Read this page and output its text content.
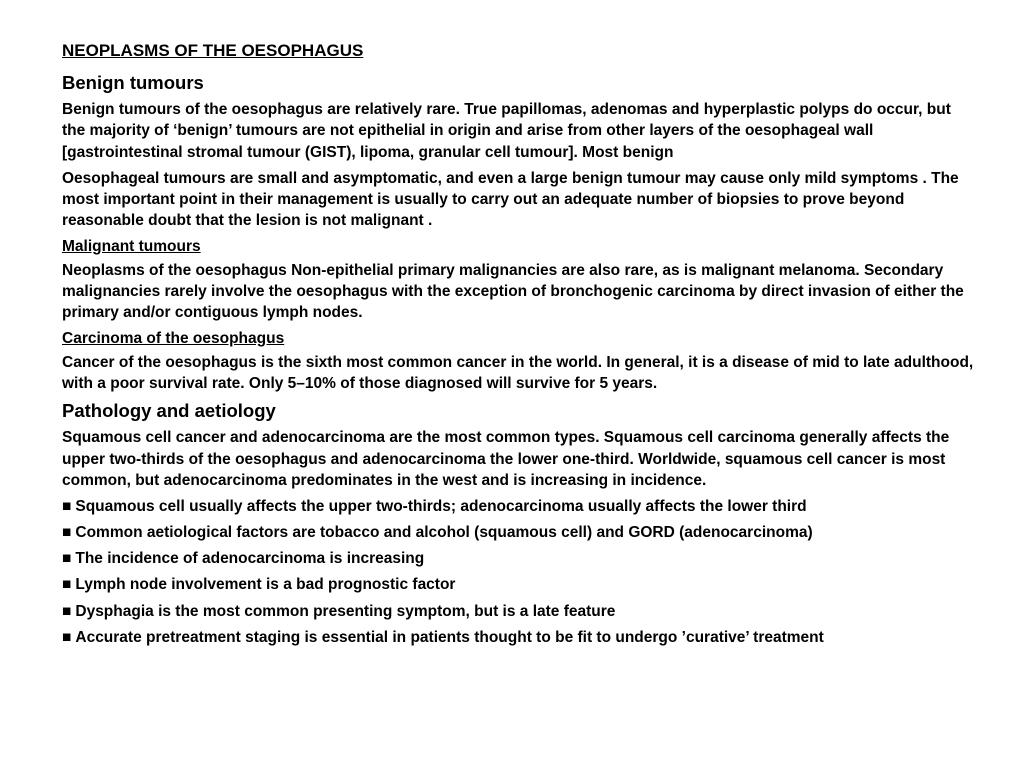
NEOPLASMS OF THE OESOPHAGUS
Benign tumours

Benign tumours of the oesophagus are relatively rare. True papillomas, adenomas and hyperplastic polyps do occur, but the majority of ‘benign’ tumours are not epithelial in origin and arise from other layers of the oesophageal wall [gastrointestinal stromal tumour (GIST), lipoma, granular cell tumour]. Most benign

Oesophageal tumours are small and asymptomatic, and even a large benign tumour may cause only mild symptoms . The most important point in their management is usually to carry out an adequate number of biopsies to prove beyond reasonable doubt that the lesion is not malignant .

Malignant tumours

Neoplasms of the oesophagus Non-epithelial primary malignancies are also rare, as is malignant melanoma. Secondary malignancies rarely involve the oesophagus with the exception of bronchogenic carcinoma by direct invasion of either the primary and/or contiguous lymph nodes.

Carcinoma of the oesophagus

Cancer of the oesophagus is the sixth most common cancer in the world. In general, it is a disease of mid to late adulthood, with a poor survival rate. Only 5–10% of those diagnosed will survive for 5 years.

Pathology and aetiology

Squamous cell cancer and adenocarcinoma are the most common types. Squamous cell carcinoma generally affects the upper two-thirds of the oesophagus and adenocarcinoma the lower one-third. Worldwide, squamous cell cancer is most common, but adenocarcinoma predominates in the west and is increasing in incidence.

■ Squamous cell usually affects the upper two-thirds; adenocarcinoma usually affects the lower third
■ Common aetiological factors are tobacco and alcohol (squamous cell) and GORD (adenocarcinoma)
■ The incidence of adenocarcinoma is increasing
■ Lymph node involvement is a bad prognostic factor
■ Dysphagia is the most common presenting symptom, but is a late feature
■ Accurate pretreatment staging is essential in patients thought to be fit to undergo ’curative’ treatment
